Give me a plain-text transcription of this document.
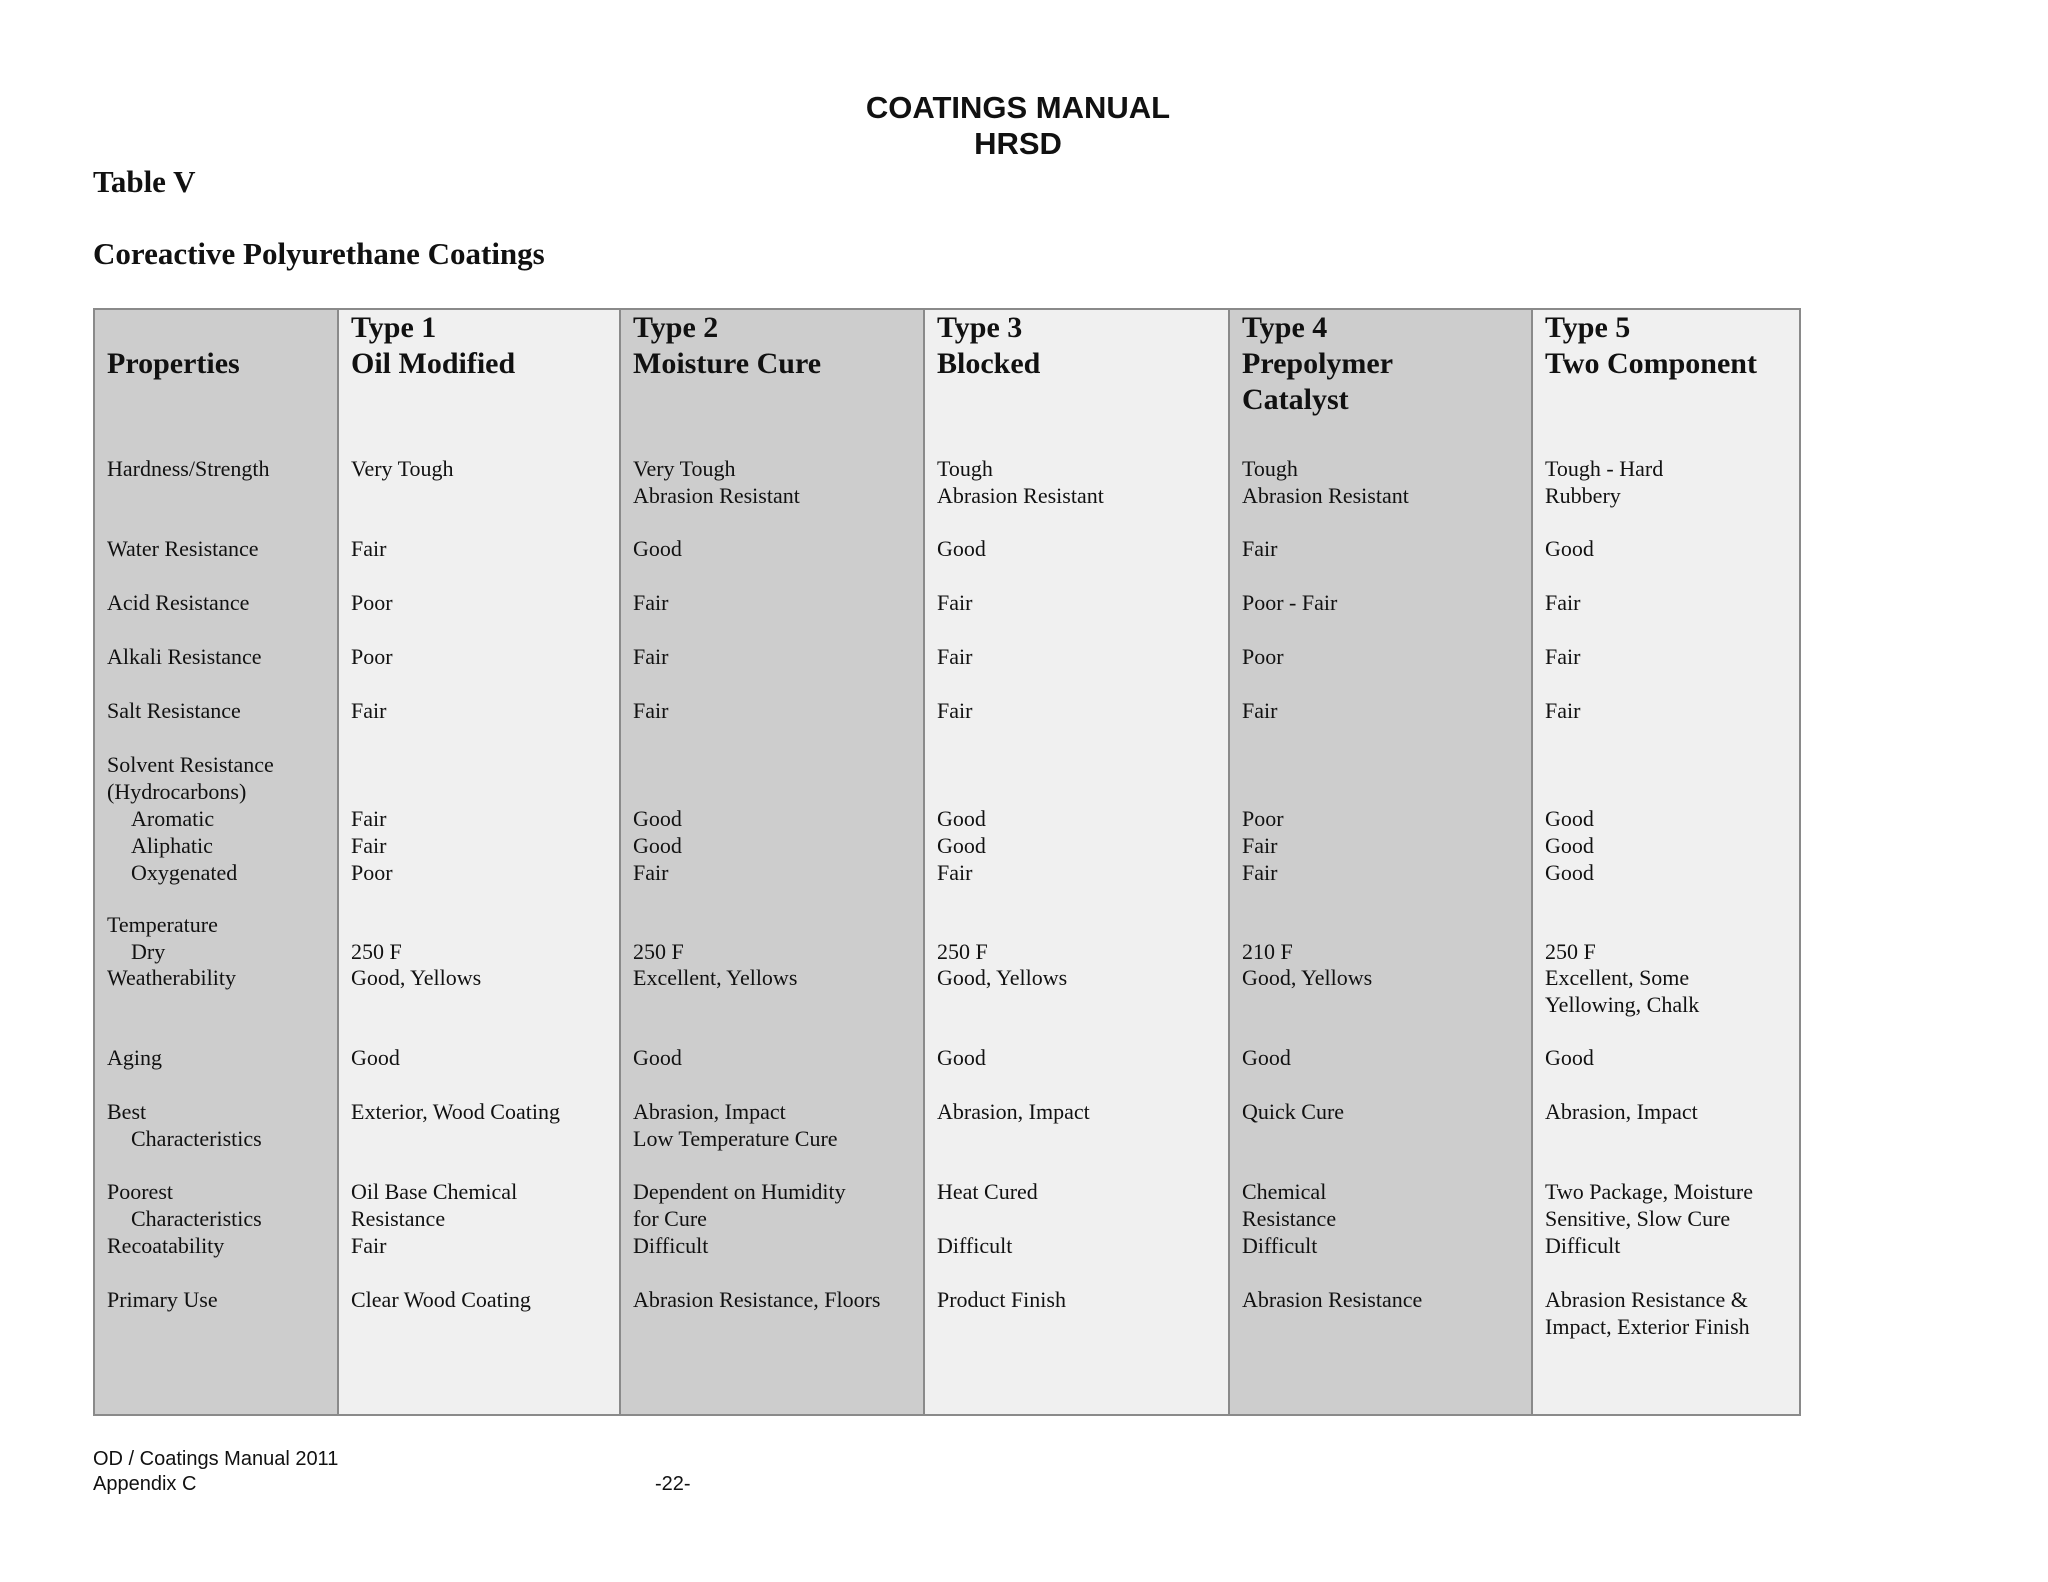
COATINGS MANUAL
HRSD
Table V
Coreactive Polyurethane Coatings
Properties
Hardness/Strength
Water Resistance
Acid Resistance
Alkali Resistance
Salt Resistance
Solvent Resistance
(Hydrocarbons)
Aromatic
Aliphatic
Oxygenated
Temperature
Dry
Weatherability
Aging
Best
Characteristics
Poorest
Characteristics
Recoatability
Primary Use
Type 1
Oil Modified
Very Tough
Fair
Poor
Poor
Fair
Fair
Fair
Poor
250 F
Good, Yellows
Good
Exterior, Wood Coating
Oil Base Chemical
Resistance
Fair
Clear Wood Coating
Type 2
Moisture Cure
Very Tough
Abrasion Resistant
Good
Fair
Fair
Fair
Good
Good
Fair
250 F
Excellent, Yellows
Good
Abrasion, Impact
Low Temperature Cure
Dependent on Humidity
for Cure
Difficult
Abrasion Resistance, Floors
Type 3
Blocked
Tough
Abrasion Resistant
Good
Fair
Fair
Fair
Good
Good
Fair
250 F
Good, Yellows
Good
Abrasion, Impact
Heat Cured
Difficult
Product Finish
Type 4
Prepolymer
Catalyst
Tough
Abrasion Resistant
Fair
Poor - Fair
Poor
Fair
Poor
Fair
Fair
210 F
Good, Yellows
Good
Quick Cure
Chemical
Resistance
Difficult
Abrasion Resistance
Type 5
Two Component
Tough - Hard
Rubbery
Good
Fair
Fair
Fair
Good
Good
Good
250 F
Excellent, Some
Yellowing, Chalk
Good
Abrasion, Impact
Two Package, Moisture
Sensitive, Slow Cure
Difficult
Abrasion Resistance &
Impact, Exterior Finish
OD / Coatings Manual 2011
Appendix C	-22-
